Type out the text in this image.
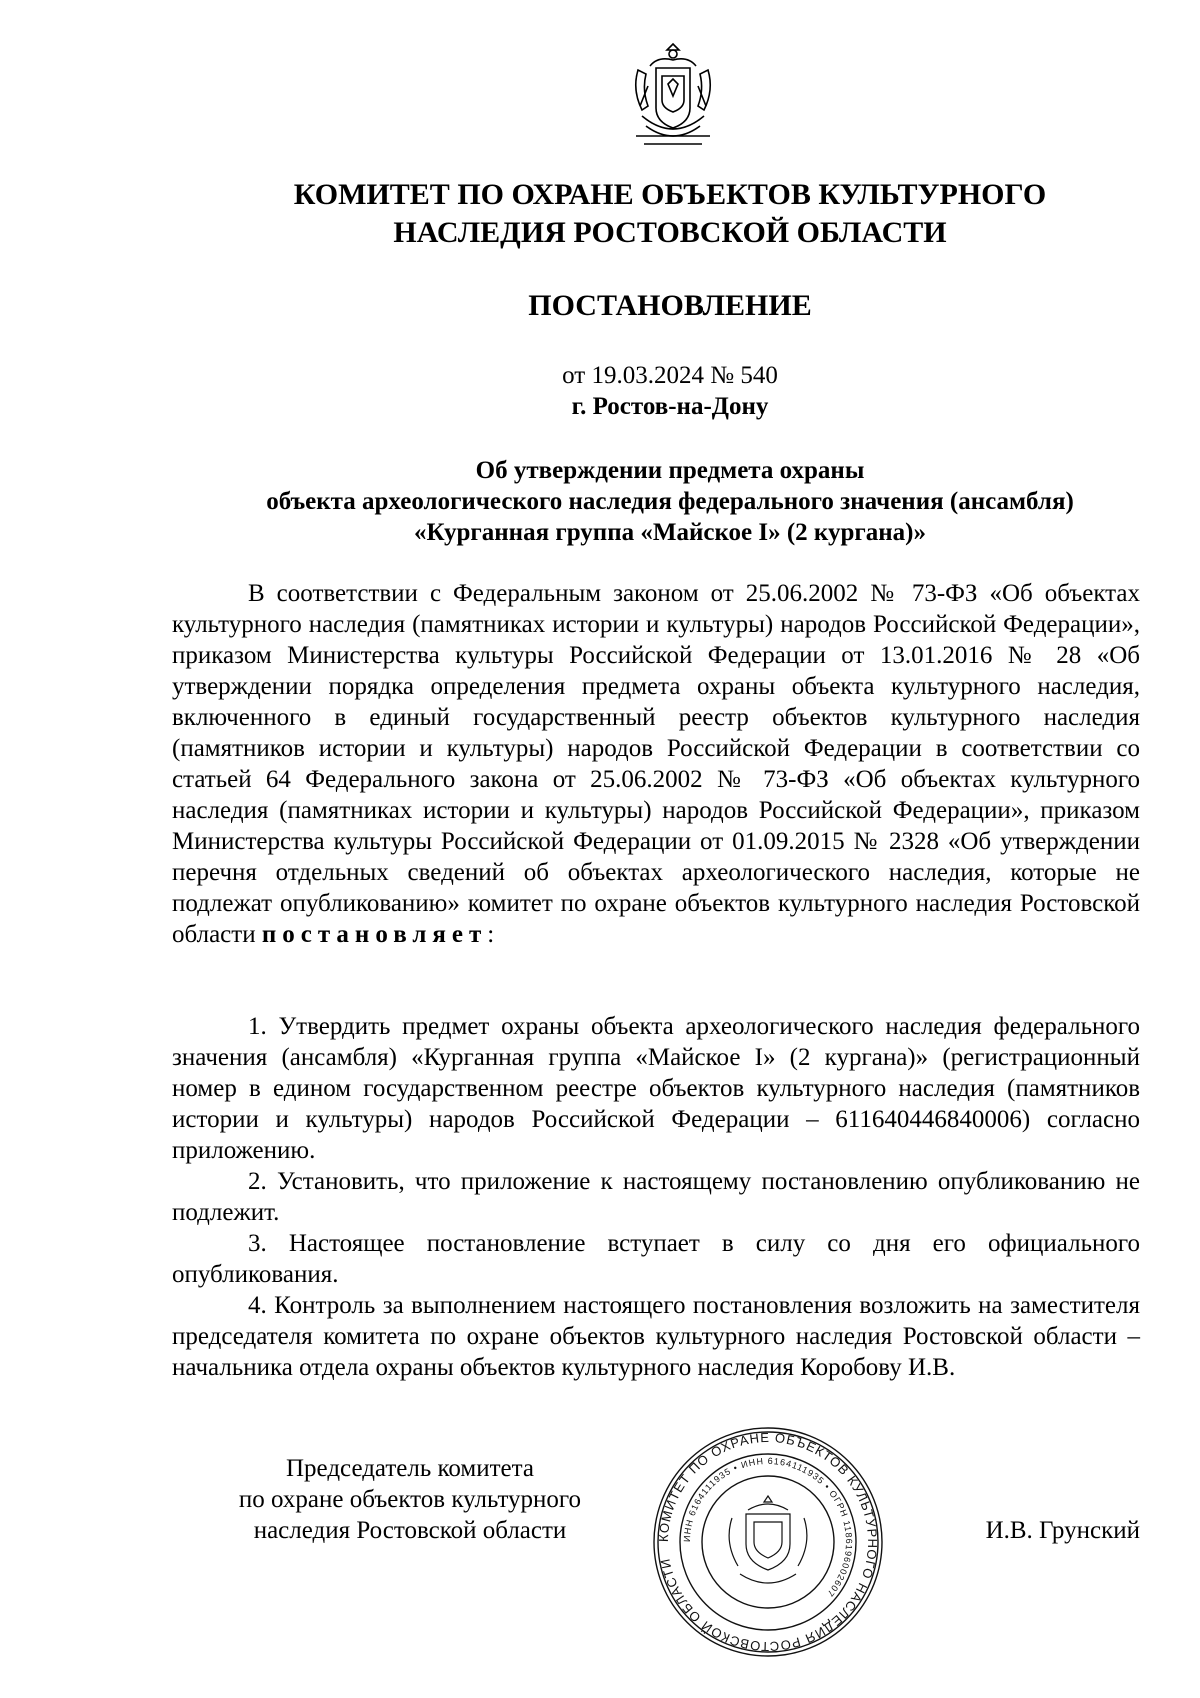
КОМИТЕТ ПО ОХРАНЕ ОБЪЕКТОВ КУЛЬТУРНОГО
НАСЛЕДИЯ РОСТОВСКОЙ ОБЛАСТИ
ПОСТАНОВЛЕНИЕ
от 19.03.2024 № 540
г. Ростов-на-Дону
Об утверждении предмета охраны
объекта археологического наследия федерального значения (ансамбля)
«Курганная группа «Майское I» (2 кургана)»

В соответствии с Федеральным законом от 25.06.2002 № 73-ФЗ «Об объектах культурного наследия (памятниках истории и культуры) народов Российской Федерации», приказом Министерства культуры Российской Федерации от 13.01.2016 № 28 «Об утверждении порядка определения предмета охраны объекта культурного наследия, включенного в единый государственный реестр объектов культурного наследия (памятников истории и культуры) народов Российской Федерации в соответствии со статьей 64 Федерального закона от 25.06.2002 № 73-ФЗ «Об объектах культурного наследия (памятниках истории и культуры) народов Российской Федерации», приказом Министерства культуры Российской Федерации от 01.09.2015 № 2328 «Об утверждении перечня отдельных сведений об объектах археологического наследия, которые не подлежат опубликованию» комитет по охране объектов культурного наследия Ростовской области постановляет:

1. Утвердить предмет охраны объекта археологического наследия федерального значения (ансамбля) «Курганная группа «Майское I» (2 кургана)» (регистрационный номер в едином государственном реестре объектов культурного наследия (памятников истории и культуры) народов Российской Федерации – 611640446840006) согласно приложению.

2. Установить, что приложение к настоящему постановлению опубликованию не подлежит.

3. Настоящее постановление вступает в силу со дня его официального опубликования.

4. Контроль за выполнением настоящего постановления возложить на заместителя председателя комитета по охране объектов культурного наследия Ростовской области – начальника отдела охраны объектов культурного наследия Коробову И.В.

Председатель комитета
по охране объектов культурного
наследия Ростовской области	КОМИТЕТ ПО ОХРАНЕ ОБЪЕКТОВ КУЛЬТУРНОГО НАСЛЕДИЯ РОСТОВСКОЙ ОБЛАСТИ
ИНН 6164111935 • ИНН 6164111935 • ОГРН 1186196002607
И.В. Грунский
